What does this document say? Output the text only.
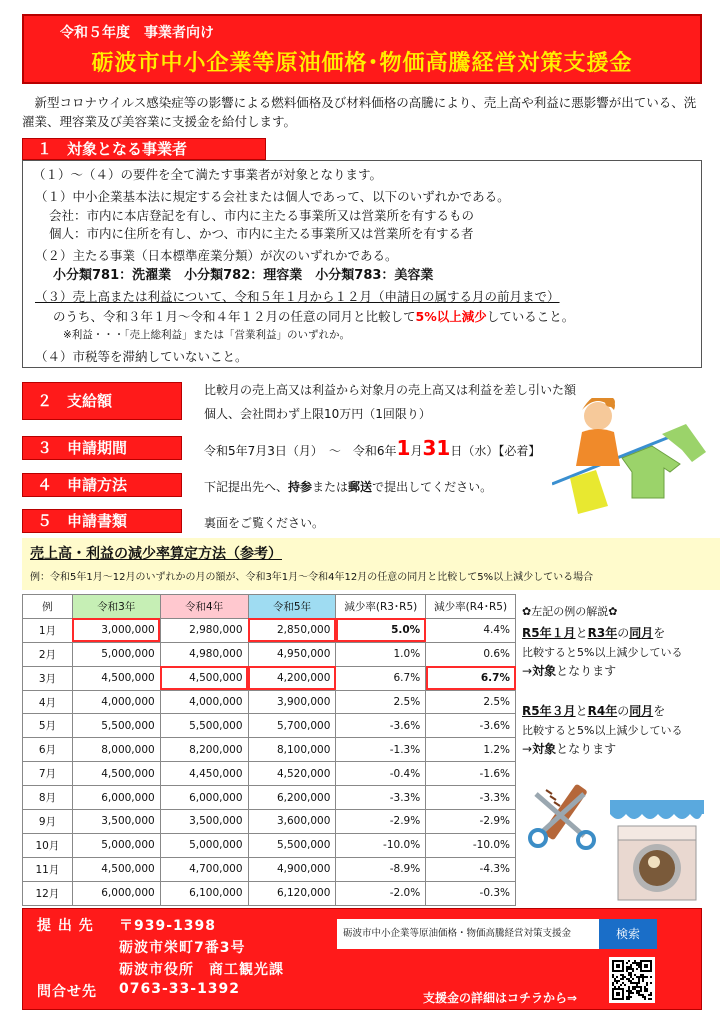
令和５年度　事業者向け
砺波市中小企業等原油価格･物価高騰経営対策支援金
　新型コロナウイルス感染症等の影響による燃料価格及び材料価格の高騰により、売上高や利益に悪影響が出ている、洗濯業、理容業及び美容業に支援金を給付します。
１　対象となる事業者
（１）～（４）の要件を全て満たす事業者が対象となります。
（１）中小企業基本法に規定する会社または個人であって、以下のいずれかである。
会社：市内に本店登記を有し、市内に主たる事業所又は営業所を有するもの
個人：市内に住所を有し、かつ、市内に主たる事業所又は営業所を有する者
（２）主たる事業（日本標準産業分類）が次のいずれかである。
小分類781：洗濯業　小分類782：理容業　小分類783：美容業
（３）売上高または利益について、令和５年１月から１２月（申請日の属する月の前月まで）
のうち、令和３年１月～令和４年１２月の任意の同月と比較して5%以上減少していること。
※利益・・・「売上総利益」または「営業利益」のいずれか。
（４）市税等を滞納していないこと。
２　支給額
比較月の売上高又は利益から対象月の売上高又は利益を差し引いた額
個人、会社問わず上限10万円（1回限り）
３　申請期間	令和5年7月3日（月）　～　令和6年1月31日（水）【必着】
４　申請方法	下記提出先へ、持参または郵送で提出してください。
５　申請書類	裏面をご覧ください。
売上高・利益の減少率算定方法（参考）
例：令和5年1月～12月のいずれかの月の額が、令和3年1月～令和4年12月の任意の同月と比較して5%以上減少している場合
例	令和3年	令和4年	令和5年	減少率(R3･R5)	減少率(R4･R5)
1月	3,000,000	2,980,000	2,850,000	5.0%	4.4%
2月	5,000,000	4,980,000	4,950,000	1.0%	0.6%
3月	4,500,000	4,500,000	4,200,000	6.7%	6.7%
4月	4,000,000	4,000,000	3,900,000	2.5%	2.5%
5月	5,500,000	5,500,000	5,700,000	-3.6%	-3.6%
6月	8,000,000	8,200,000	8,100,000	-1.3%	1.2%
7月	4,500,000	4,450,000	4,520,000	-0.4%	-1.6%
8月	6,000,000	6,000,000	6,200,000	-3.3%	-3.3%
9月	3,500,000	3,500,000	3,600,000	-2.9%	-2.9%
10月	5,000,000	5,000,000	5,500,000	-10.0%	-10.0%
11月	4,500,000	4,700,000	4,900,000	-8.9%	-4.3%
12月	6,000,000	6,100,000	6,120,000	-2.0%	-0.3%
✿左記の例の解説✿
R5年１月とR3年の同月を
比較すると5%以上減少している
→対象となります
R5年３月とR4年の同月を
比較すると5%以上減少している
→対象となります
提 出 先 〒939-1398
砺波市栄町7番3号
砺波市役所　商工観光課
問合せ先 0763-33-1392
砺波市中小企業等原油価格・物価高騰経営対策支援金	検索
支援金の詳細はコチラから⇒
